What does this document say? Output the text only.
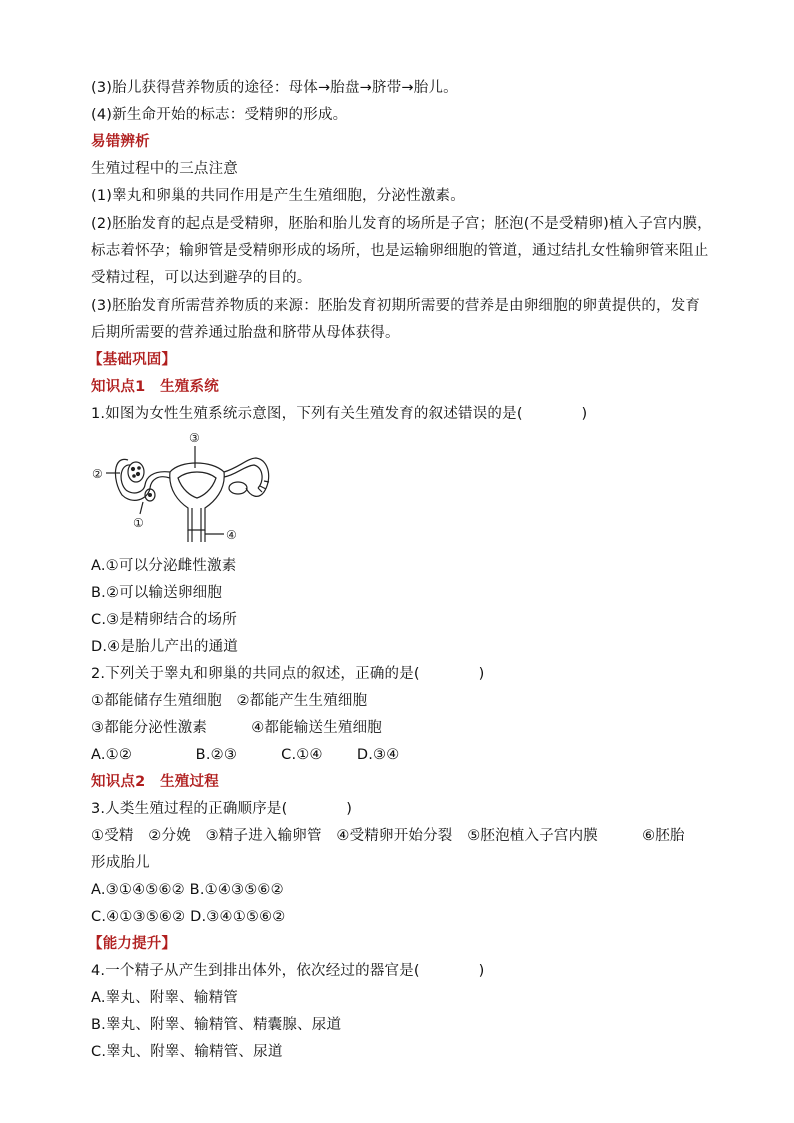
(3)胎儿获得营养物质的途径：母体→胎盘→脐带→胎儿。
(4)新生命开始的标志：受精卵的形成。
易错辨析
生殖过程中的三点注意
(1)睾丸和卵巢的共同作用是产生生殖细胞，分泌性激素。
(2)胚胎发育的起点是受精卵，胚胎和胎儿发育的场所是子宫；胚泡(不是受精卵)植入子宫内膜，
标志着怀孕；输卵管是受精卵形成的场所，也是运输卵细胞的管道，通过结扎女性输卵管来阻止
受精过程，可以达到避孕的目的。
(3)胚胎发育所需营养物质的来源：胚胎发育初期所需要的营养是由卵细胞的卵黄提供的，发育
后期所需要的营养通过胎盘和脐带从母体获得。
【基础巩固】
知识点1　生殖系统
1.如图为女性生殖系统示意图，下列有关生殖发育的叙述错误的是(　　　　)
③
②
①
④
A.①可以分泌雌性激素
B.②可以输送卵细胞
C.③是精卵结合的场所
D.④是胎儿产出的通道
2.下列关于睾丸和卵巢的共同点的叙述，正确的是(　　　　)
①都能储存生殖细胞　②都能产生生殖细胞
③都能分泌性激素　　　④都能输送生殖细胞
A.①②　　　　 B.②③　　　C.①④　　 D.③④
知识点2　生殖过程
3.人类生殖过程的正确顺序是(　　　　)
①受精　②分娩　③精子进入输卵管　④受精卵开始分裂　⑤胚泡植入子宫内膜　　　⑥胚胎
形成胎儿
A.③①④⑤⑥② B.①④③⑤⑥②
C.④①③⑤⑥② D.③④①⑤⑥②
【能力提升】
4.一个精子从产生到排出体外，依次经过的器官是(　　　　)
A.睾丸、附睾、输精管
B.睾丸、附睾、输精管、精囊腺、尿道
C.睾丸、附睾、输精管、尿道
